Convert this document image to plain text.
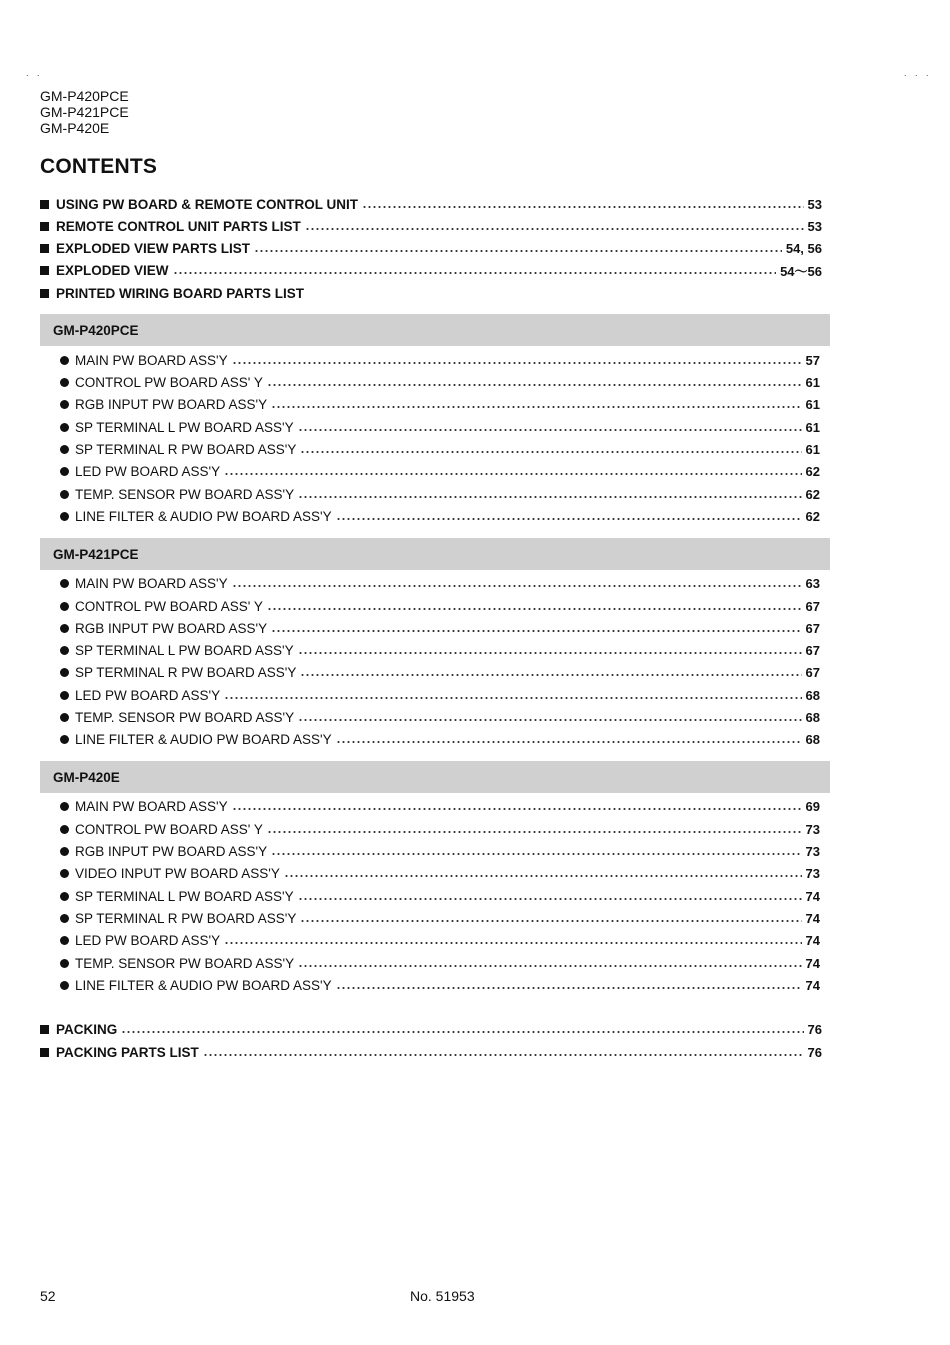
. .	. . .
GM-P420PCE
GM-P421PCE
GM-P420E
CONTENTS
USING PW BOARD & REMOTE CONTROL UNIT	53
REMOTE CONTROL UNIT PARTS LIST	53
EXPLODED VIEW PARTS LIST	54, 56
EXPLODED VIEW	54〜56
PRINTED WIRING BOARD PARTS LIST
GM-P420PCE
MAIN PW BOARD ASS'Y	57
CONTROL PW BOARD ASS' Y	61
RGB INPUT PW BOARD ASS'Y	61
SP TERMINAL L PW BOARD ASS'Y	61
SP TERMINAL R PW BOARD ASS'Y	61
LED PW BOARD ASS'Y	62
TEMP. SENSOR PW BOARD ASS'Y	62
LINE FILTER & AUDIO PW BOARD ASS'Y	62
GM-P421PCE
MAIN PW BOARD ASS'Y	63
CONTROL PW BOARD ASS' Y	67
RGB INPUT PW BOARD ASS'Y	67
SP TERMINAL L PW BOARD ASS'Y	67
SP TERMINAL R PW BOARD ASS'Y	67
LED PW BOARD ASS'Y	68
TEMP. SENSOR PW BOARD ASS'Y	68
LINE FILTER & AUDIO PW BOARD ASS'Y	68
GM-P420E
MAIN PW BOARD ASS'Y	69
CONTROL PW BOARD ASS' Y	73
RGB INPUT PW BOARD ASS'Y	73
VIDEO INPUT PW BOARD ASS'Y	73
SP TERMINAL L PW BOARD ASS'Y	74
SP TERMINAL R PW BOARD ASS'Y	74
LED PW BOARD ASS'Y	74
TEMP. SENSOR PW BOARD ASS'Y	74
LINE FILTER & AUDIO PW BOARD ASS'Y	74
PACKING	76
PACKING PARTS LIST	76
52	No. 51953
